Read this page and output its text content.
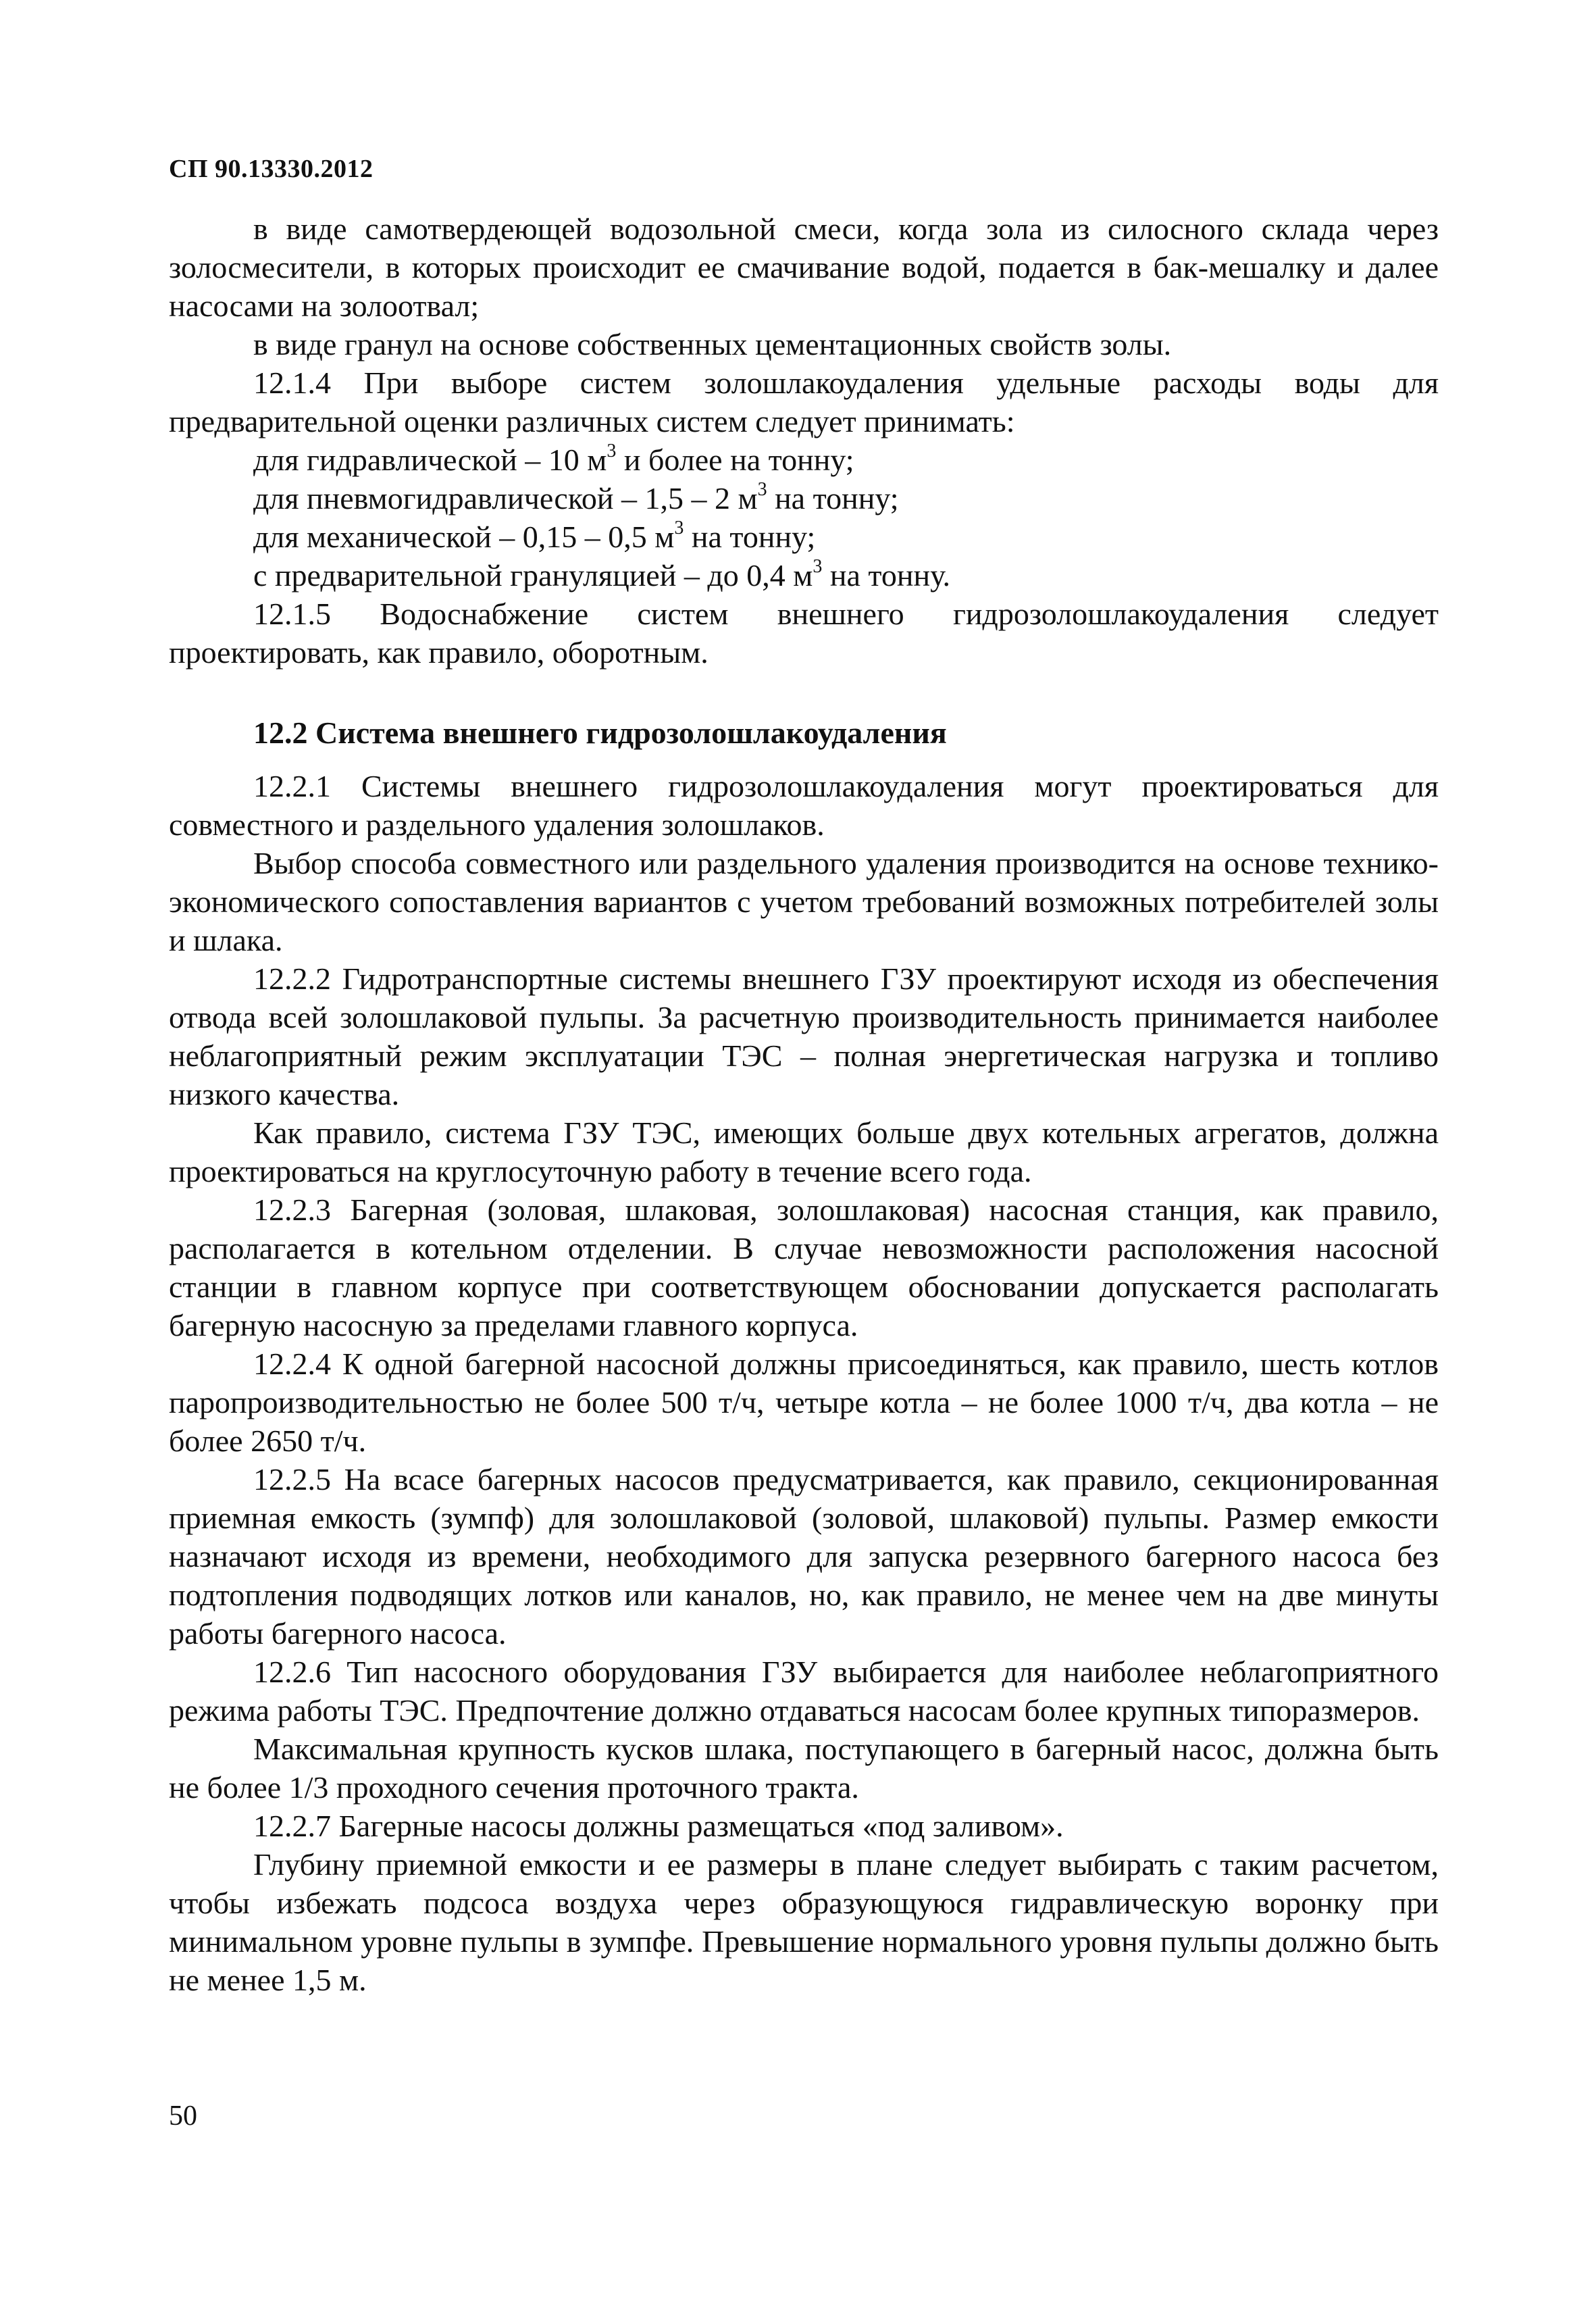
СП 90.13330.2012

в виде самотвердеющей водозольной смеси, когда зола из силосного склада через золосмесители, в которых происходит ее смачивание водой, подается в бак-мешалку и далее насосами на золоотвал;

в виде гранул на основе собственных цементационных свойств золы.

12.1.4 При выборе систем золошлакоудаления удельные расходы воды для предварительной оценки различных систем следует принимать:

для гидравлической – 10 $м^3$ и более на тонну;

для пневмогидравлической – 1,5 – 2 $м^3$ на тонну;

для механической – 0,15 – 0,5 $м^3$ на тонну;

с предварительной грануляцией – до 0,4 $м^3$ на тонну.

12.1.5 Водоснабжение систем внешнего гидрозолошлакоудаления следует проектировать, как правило, оборотным.

12.2 Система внешнего гидрозолошлакоудаления

12.2.1 Системы внешнего гидрозолошлакоудаления могут проектироваться для совместного и раздельного удаления золошлаков.

Выбор способа совместного или раздельного удаления производится на основе технико-экономического сопоставления вариантов с учетом требований возможных потребителей золы и шлака.

12.2.2 Гидротранспортные системы внешнего ГЗУ проектируют исходя из обеспечения отвода всей золошлаковой пульпы. За расчетную производительность принимается наиболее неблагоприятный режим эксплуатации ТЭС – полная энергетическая нагрузка и топливо низкого качества.

Как правило, система ГЗУ ТЭС, имеющих больше двух котельных агрегатов, должна проектироваться на круглосуточную работу в течение всего года.

12.2.3 Багерная (золовая, шлаковая, золошлаковая) насосная станция, как правило, располагается в котельном отделении. В случае невозможности расположения насосной станции в главном корпусе при соответствующем обосновании допускается располагать багерную насосную за пределами главного корпуса.

12.2.4 К одной багерной насосной должны присоединяться, как правило, шесть котлов паропроизводительностью не более 500 т/ч, четыре котла – не более 1000 т/ч, два котла – не более 2650 т/ч.

12.2.5 На всасе багерных насосов предусматривается, как правило, секционированная приемная емкость (зумпф) для золошлаковой (золовой, шлаковой) пульпы. Размер емкости назначают исходя из времени, необходимого для запуска резервного багерного насоса без подтопления подводящих лотков или каналов, но, как правило, не менее чем на две минуты работы багерного насоса.

12.2.6 Тип насосного оборудования ГЗУ выбирается для наиболее неблагоприятного режима работы ТЭС. Предпочтение должно отдаваться насосам более крупных типоразмеров.

Максимальная крупность кусков шлака, поступающего в багерный насос, должна быть не более 1/3 проходного сечения проточного тракта.

12.2.7 Багерные насосы должны размещаться «под заливом».

Глубину приемной емкости и ее размеры в плане следует выбирать с таким расчетом, чтобы избежать подсоса воздуха через образующуюся гидравлическую воронку при минимальном уровне пульпы в зумпфе. Превышение нормального уровня пульпы должно быть не менее 1,5 м.

50
